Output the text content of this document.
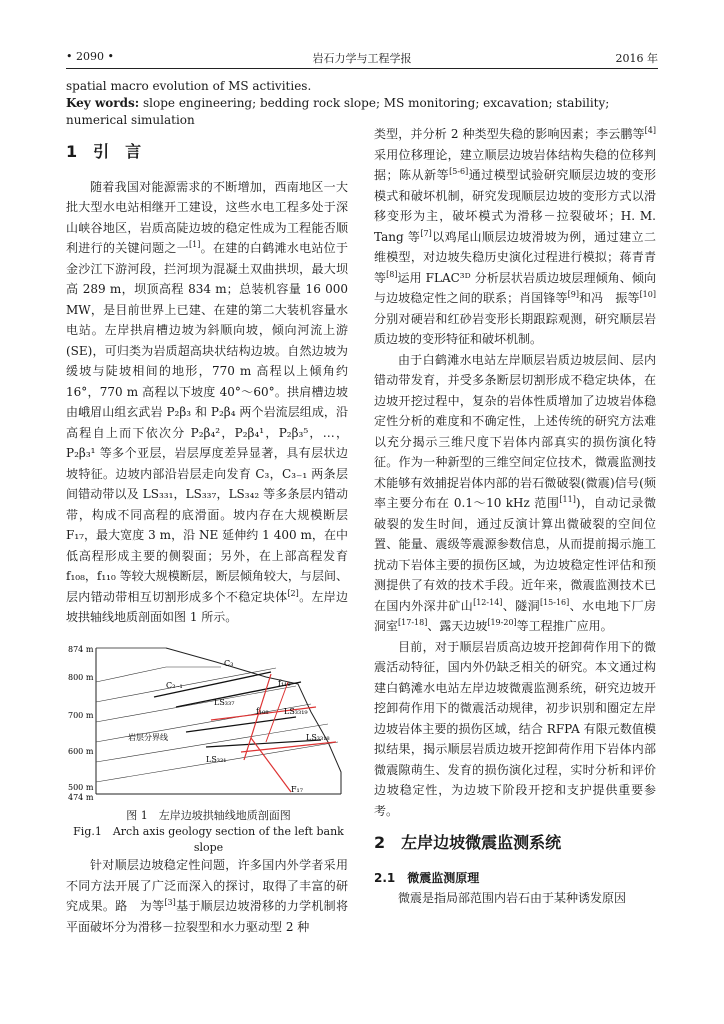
• 2090 •	岩石力学与工程学报	2016 年
spatial macro evolution of MS activities.
Key words: slope engineering; bedding rock slope; MS monitoring; excavation; stability; numerical simulation
1　引　言

随着我国对能源需求的不断增加，西南地区一大批大型水电站相继开工建设，这些水电工程多处于深山峡谷地区，岩质高陡边坡的稳定性成为工程能否顺利进行的关键问题之一[1]。在建的白鹤滩水电站位于金沙江下游河段，拦河坝为混凝土双曲拱坝，最大坝高 289 m，坝顶高程 834 m；总装机容量 16 000 MW，是目前世界上已建、在建的第二大装机容量水电站。左岸拱肩槽边坡为斜顺向坡，倾向河流上游(SE)，可归类为岩质超高块状结构边坡。自然边坡为缓坡与陡坡相间的地形，770 m 高程以上倾角约 16°，770 m 高程以下坡度 40°～60°。拱肩槽边坡由峨眉山组玄武岩 P₂β₃ 和 P₂β₄ 两个岩流层组成，沿高程自上而下依次分 P₂β₄²，P₂β₄¹，P₂β₃⁵，…，P₂β₃¹ 等多个亚层，岩层厚度差异显著，具有层状边坡特征。边坡内部沿岩层走向发育 C₃，C₃₋₁ 两条层间错动带以及 LS₃₃₁，LS₃₃₇，LS₃₄₂ 等多条层内错动带，构成不同高程的底滑面。坡内存在大规模断层 F₁₇，最大宽度 3 m，沿 NE 延伸约 1 400 m，在中低高程形成主要的侧裂面；另外，在上部高程发育 f₁₀₈，f₁₁₀ 等较大规模断层，断层倾角较大，与层间、层内错动带相互切割形成多个不稳定块体[2]。左岸边坡拱轴线地质剖面如图 1 所示。

874 m
800 m
700 m
600 m
500 m
474 m
C₃
C₃₋₁	f₁₁₀
f₁₀₈
LS₃₃₇
LS₃₃₁₉
LS₃₃₁
LS₃₃₁₈
F₁₇
岩层分界线
图 1　左岸边坡拱轴线地质剖面图
Fig.1　Arch axis geology section of the left bank slope

针对顺层边坡稳定性问题，许多国内外学者采用不同方法开展了广泛而深入的探讨，取得了丰富的研究成果。路　为等[3]基于顺层边坡滑移的力学机制将平面破坏分为滑移－拉裂型和水力驱动型 2 种

类型，并分析 2 种类型失稳的影响因素；李云鹏等[4]采用位移理论，建立顺层边坡岩体结构失稳的位移判据；陈从新等[5-6]通过模型试验研究顺层边坡的变形模式和破坏机制，研究发现顺层边坡的变形方式以滑移变形为主，破坏模式为滑移－拉裂破坏；H. M. Tang 等[7]以鸡尾山顺层边坡滑坡为例，通过建立二维模型，对边坡失稳历史演化过程进行模拟；蒋青青等[8]运用 FLAC³ᴰ 分析层状岩质边坡层理倾角、倾向与边坡稳定性之间的联系；肖国锋等[9]和冯　振等[10]分别对硬岩和红砂岩变形长期跟踪观测，研究顺层岩质边坡的变形特征和破坏机制。

由于白鹤滩水电站左岸顺层岩质边坡层间、层内错动带发育，并受多条断层切割形成不稳定块体，在边坡开挖过程中，复杂的岩体性质增加了边坡岩体稳定性分析的难度和不确定性，上述传统的研究方法难以充分揭示三维尺度下岩体内部真实的损伤演化特征。作为一种新型的三维空间定位技术，微震监测技术能够有效捕捉岩体内部的岩石微破裂(微震)信号(频率主要分布在 0.1～10 kHz 范围[11])，自动记录微破裂的发生时间，通过反演计算出微破裂的空间位置、能量、震级等震源参数信息，从而提前揭示施工扰动下岩体主要的损伤区域，为边坡稳定性评估和预测提供了有效的技术手段。近年来，微震监测技术已在国内外深井矿山[12-14]、隧洞[15-16]、水电地下厂房洞室[17-18]、露天边坡[19-20]等工程推广应用。

目前，对于顺层岩质高边坡开挖卸荷作用下的微震活动特征，国内外仍缺乏相关的研究。本文通过构建白鹤滩水电站左岸边坡微震监测系统，研究边坡开挖卸荷作用下的微震活动规律，初步识别和圈定左岸边坡岩体主要的损伤区域，结合 RFPA 有限元数值模拟结果，揭示顺层岩质边坡开挖卸荷作用下岩体内部微震隙萌生、发育的损伤演化过程，实时分析和评价边坡稳定性，为边坡下阶段开挖和支护提供重要参考。

2　左岸边坡微震监测系统
2.1　微震监测原理

微震是指局部范围内岩石由于某种诱发原因
